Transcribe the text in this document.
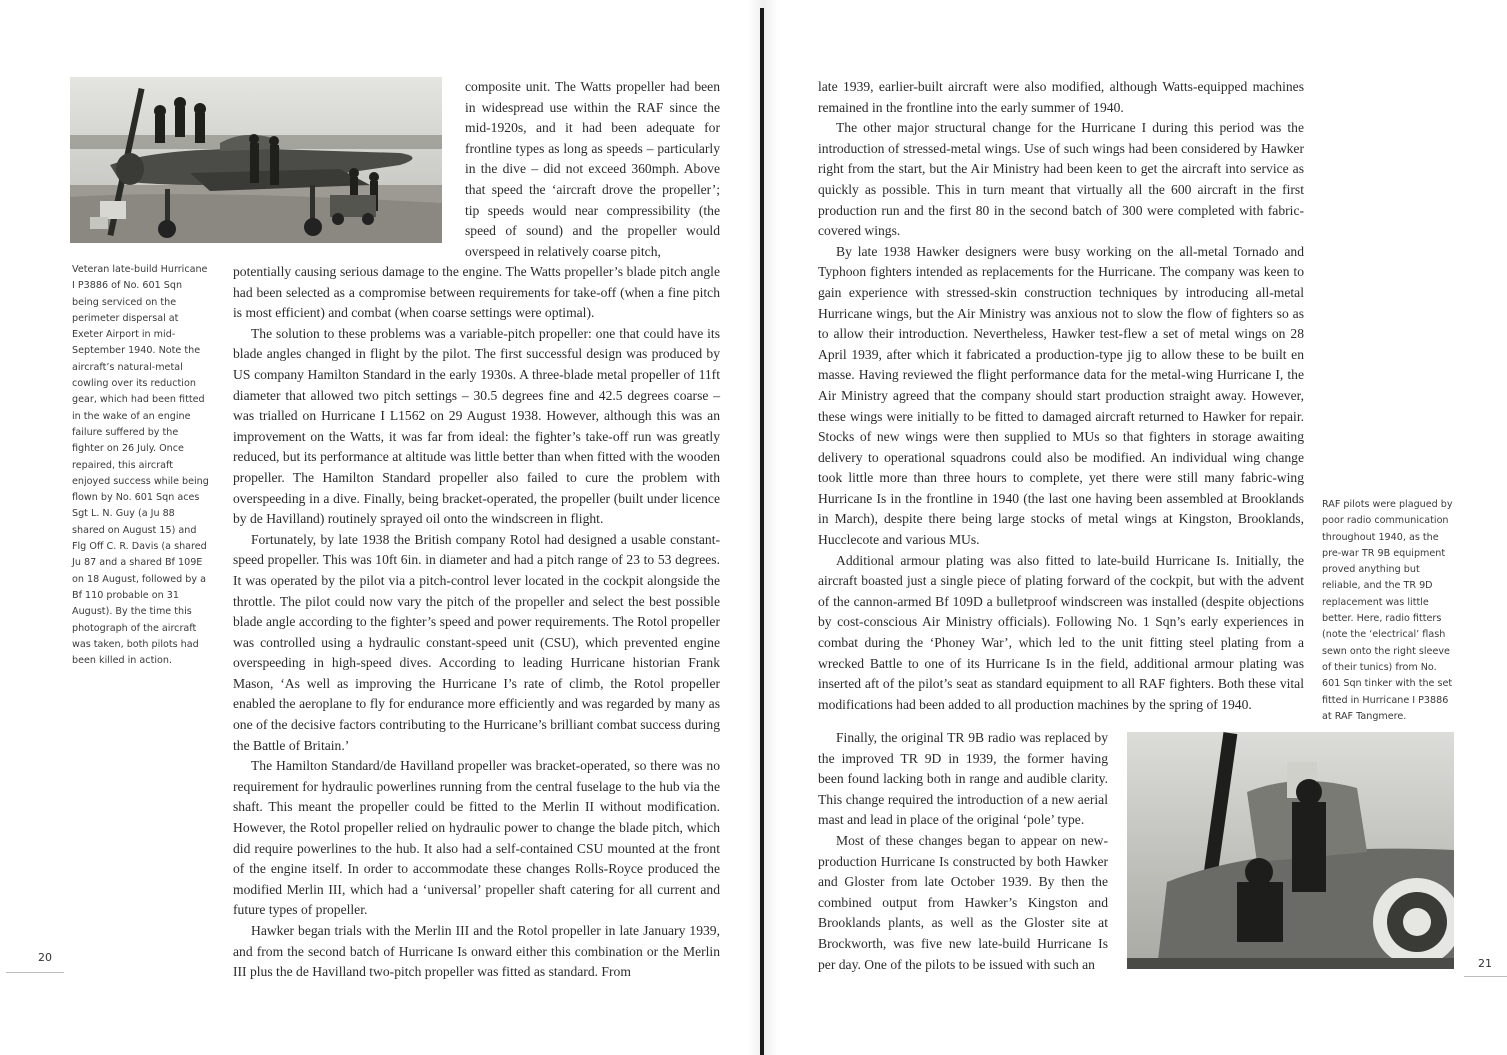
composite unit. The Watts propeller had been in widespread use within the RAF since the mid-1920s, and it had been adequate for frontline types as long as speeds – particularly in the dive – did not exceed 360mph. Above that speed the ‘aircraft drove the propeller’; tip speeds would near compressibility (the speed of sound) and the propeller would overspeed in relatively coarse pitch,

Veteran late-build Hurricane I P3886 of No. 601 Sqn being serviced on the perimeter dispersal at Exeter Airport in mid-September 1940. Note the aircraft’s natural-metal cowling over its reduction gear, which had been fitted in the wake of an engine failure suffered by the fighter on 26 July. Once repaired, this aircraft enjoyed success while being flown by No. 601 Sqn aces Sgt L. N. Guy (a Ju 88 shared on August 15) and Flg Off C. R. Davis (a shared Ju 87 and a shared Bf 109E on 18 August, followed by a Bf 110 probable on 31 August). By the time this photograph of the aircraft was taken, both pilots had been killed in action.

potentially causing serious damage to the engine. The Watts propeller’s blade pitch angle had been selected as a compromise between requirements for take-off (when a fine pitch is most efficient) and combat (when coarse settings were optimal).

The solution to these problems was a variable-pitch propeller: one that could have its blade angles changed in flight by the pilot. The first successful design was produced by US company Hamilton Standard in the early 1930s. A three-blade metal propeller of 11ft diameter that allowed two pitch settings – 30.5 degrees fine and 42.5 degrees coarse – was trialled on Hurricane I L1562 on 29 August 1938. However, although this was an improvement on the Watts, it was far from ideal: the fighter’s take-off run was greatly reduced, but its performance at altitude was little better than when fitted with the wooden propeller. The Hamilton Standard propeller also failed to cure the problem with overspeeding in a dive. Finally, being bracket-operated, the propeller (built under licence by de Havilland) routinely sprayed oil onto the windscreen in flight.

Fortunately, by late 1938 the British company Rotol had designed a usable constant-speed propeller. This was 10ft 6in. in diameter and had a pitch range of 23 to 53 degrees. It was operated by the pilot via a pitch-control lever located in the cockpit alongside the throttle. The pilot could now vary the pitch of the propeller and select the best possible blade angle according to the fighter’s speed and power requirements. The Rotol propeller was controlled using a hydraulic constant-speed unit (CSU), which prevented engine overspeeding in high-speed dives. According to leading Hurricane historian Frank Mason, ‘As well as improving the Hurricane I’s rate of climb, the Rotol propeller enabled the aeroplane to fly for endurance more efficiently and was regarded by many as one of the decisive factors contributing to the Hurricane’s brilliant combat success during the Battle of Britain.’

The Hamilton Standard/de Havilland propeller was bracket-operated, so there was no requirement for hydraulic powerlines running from the central fuselage to the hub via the shaft. This meant the propeller could be fitted to the Merlin II without modification. However, the Rotol propeller relied on hydraulic power to change the blade pitch, which did require powerlines to the hub. It also had a self-contained CSU mounted at the front of the engine itself. In order to accommodate these changes Rolls-Royce produced the modified Merlin III, which had a ‘universal’ propeller shaft catering for all current and future types of propeller.

Hawker began trials with the Merlin III and the Rotol propeller in late January 1939, and from the second batch of Hurricane Is onward either this combination or the Merlin III plus the de Havilland two-pitch propeller was fitted as standard. From

20

late 1939, earlier-built aircraft were also modified, although Watts-equipped machines remained in the frontline into the early summer of 1940.

The other major structural change for the Hurricane I during this period was the introduction of stressed-metal wings. Use of such wings had been considered by Hawker right from the start, but the Air Ministry had been keen to get the aircraft into service as quickly as possible. This in turn meant that virtually all the 600 aircraft in the first production run and the first 80 in the second batch of 300 were completed with fabric-covered wings.

By late 1938 Hawker designers were busy working on the all-metal Tornado and Typhoon fighters intended as replacements for the Hurricane. The company was keen to gain experience with stressed-skin construction techniques by introducing all-metal Hurricane wings, but the Air Ministry was anxious not to slow the flow of fighters so as to allow their introduction. Nevertheless, Hawker test-flew a set of metal wings on 28 April 1939, after which it fabricated a production-type jig to allow these to be built en masse. Having reviewed the flight performance data for the metal-wing Hurricane I, the Air Ministry agreed that the company should start production straight away. However, these wings were initially to be fitted to damaged aircraft returned to Hawker for repair. Stocks of new wings were then supplied to MUs so that fighters in storage awaiting delivery to operational squadrons could also be modified. An individual wing change took little more than three hours to complete, yet there were still many fabric-wing Hurricane Is in the frontline in 1940 (the last one having been assembled at Brooklands in March), despite there being large stocks of metal wings at Kingston, Brooklands, Hucclecote and various MUs.

Additional armour plating was also fitted to late-build Hurricane Is. Initially, the aircraft boasted just a single piece of plating forward of the cockpit, but with the advent of the cannon-armed Bf 109D a bulletproof windscreen was installed (despite objections by cost-conscious Air Ministry officials). Following No. 1 Sqn’s early experiences in combat during the ‘Phoney War’, which led to the unit fitting steel plating from a wrecked Battle to one of its Hurricane Is in the field, additional armour plating was inserted aft of the pilot’s seat as standard equipment to all RAF fighters. Both these vital modifications had been added to all production machines by the spring of 1940.

Finally, the original TR 9B radio was replaced by the improved TR 9D in 1939, the former having been found lacking both in range and audible clarity. This change required the introduction of a new aerial mast and lead in place of the original ‘pole’ type.

Most of these changes began to appear on new-production Hurricane Is constructed by both Hawker and Gloster from late October 1939. By then the combined output from Hawker’s Kingston and Brooklands plants, as well as the Gloster site at Brockworth, was five new late-build Hurricane Is per day. One of the pilots to be issued with such an

RAF pilots were plagued by poor radio communication throughout 1940, as the pre-war TR 9B equipment proved anything but reliable, and the TR 9D replacement was little better. Here, radio fitters (note the ‘electrical’ flash sewn onto the right sleeve of their tunics) from No. 601 Sqn tinker with the set fitted in Hurricane I P3886 at RAF Tangmere.

21
